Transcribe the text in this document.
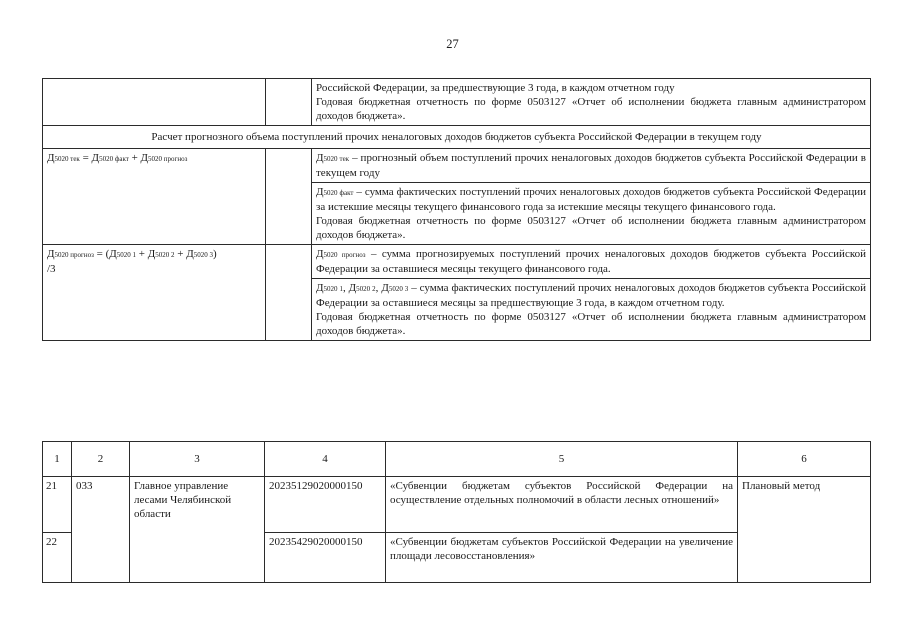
27

		Российской Федерации, за предшествующие 3 года, в каждом отчетном году
Годовая бюджетная отчетность по форме 0503127 «Отчет об исполнении бюджета главным администратором доходов бюджета».

Расчет прогнозного объема поступлений прочих неналоговых доходов бюджетов субъекта Российской Федерации в текущем году		
Д5020 тек = Д5020 факт + Д5020 прогноз		Д5020 тек – прогнозный объем поступлений прочих неналоговых доходов бюджетов субъекта Российской Федерации в текущем году

		Д5020 факт – сумма фактических поступлений прочих неналоговых доходов бюджетов субъекта Российской Федерации за истекшие месяцы текущего финансового года за истекшие месяцы текущего финансового года.
Годовая бюджетная отчетность по форме 0503127 «Отчет об исполнении бюджета главным администратором доходов бюджета».

Д5020 прогноз = (Д5020 1 + Д5020 2 + Д5020 3)
/3		Д5020 прогноз – сумма прогнозируемых поступлений прочих неналоговых доходов бюджетов субъекта Российской Федерации за оставшиеся месяцы текущего финансового года.

		Д5020 1, Д5020 2, Д5020 3 – сумма фактических поступлений прочих неналоговых доходов бюджетов субъекта Российской Федерации за оставшиеся месяцы за предшествующие 3 года, в каждом отчетном году.
Годовая бюджетная отчетность по форме 0503127 «Отчет об исполнении бюджета главным администратором доходов бюджета».
1	2	3	4	5	6
21	033	Главное управление лесами Челябинской области	20235129020000150	«Субвенции бюджетам субъектов Российской Федерации на осуществление отдельных полномочий в области лесных отношений»	Плановый метод
22			20235429020000150	«Субвенции бюджетам субъектов Российской Федерации на увеличение площади лесовосстановления»	
